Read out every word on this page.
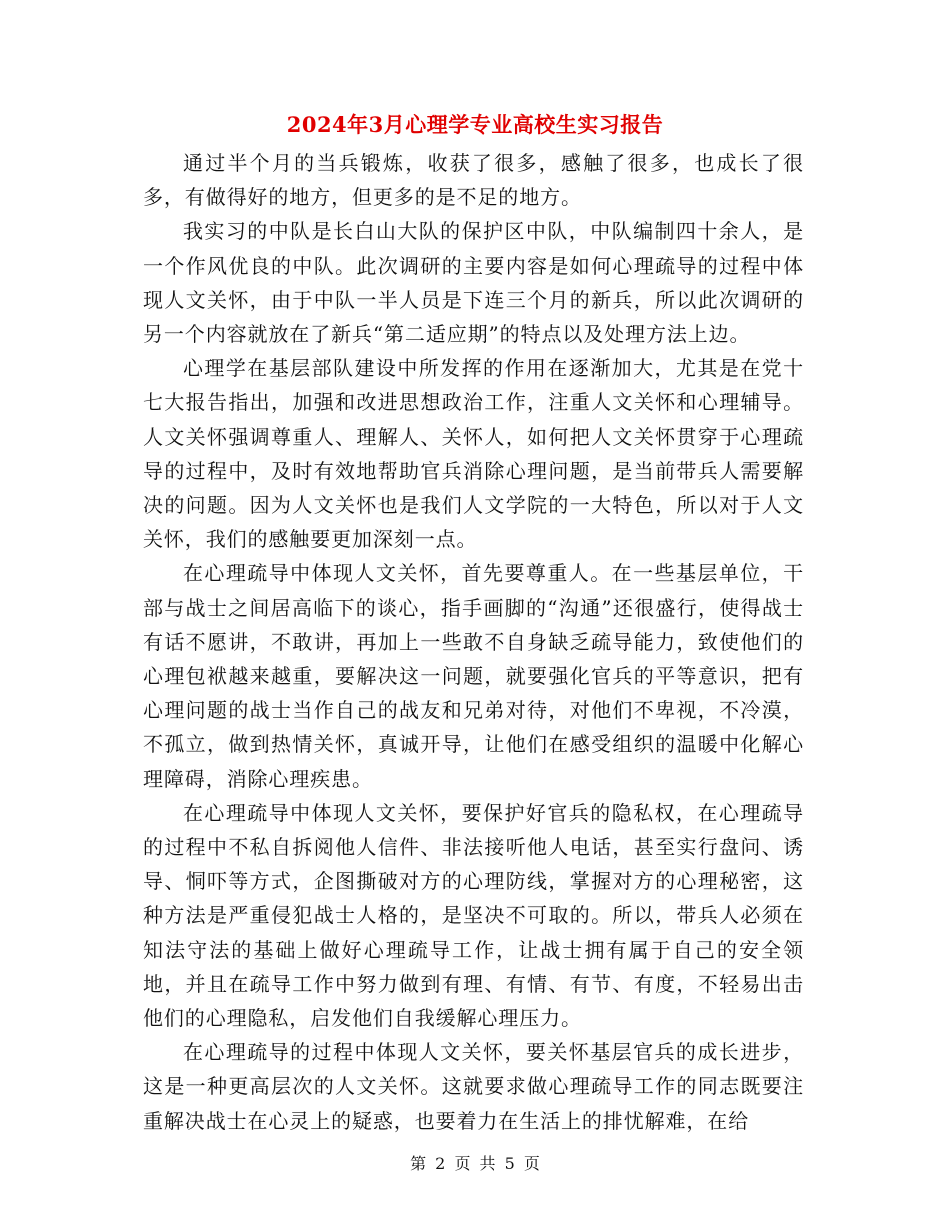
2024年3月心理学专业高校生实习报告

通过半个月的当兵锻炼，收获了很多，感触了很多，也成长了很多，有做得好的地方，但更多的是不足的地方。

我实习的中队是长白山大队的保护区中队，中队编制四十余人，是一个作风优良的中队。此次调研的主要内容是如何心理疏导的过程中体现人文关怀，由于中队一半人员是下连三个月的新兵，所以此次调研的另一个内容就放在了新兵“第二适应期”的特点以及处理方法上边。

心理学在基层部队建设中所发挥的作用在逐渐加大，尤其是在党十七大报告指出，加强和改进思想政治工作，注重人文关怀和心理辅导。人文关怀强调尊重人、理解人、关怀人，如何把人文关怀贯穿于心理疏导的过程中，及时有效地帮助官兵消除心理问题，是当前带兵人需要解决的问题。因为人文关怀也是我们人文学院的一大特色，所以对于人文关怀，我们的感触要更加深刻一点。

在心理疏导中体现人文关怀，首先要尊重人。在一些基层单位，干部与战士之间居高临下的谈心，指手画脚的“沟通”还很盛行，使得战士有话不愿讲，不敢讲，再加上一些敢不自身缺乏疏导能力，致使他们的心理包袱越来越重，要解决这一问题，就要强化官兵的平等意识，把有心理问题的战士当作自己的战友和兄弟对待，对他们不卑视，不冷漠，不孤立，做到热情关怀，真诚开导，让他们在感受组织的温暖中化解心理障碍，消除心理疾患。

在心理疏导中体现人文关怀，要保护好官兵的隐私权，在心理疏导的过程中不私自拆阅他人信件、非法接听他人电话，甚至实行盘问、诱导、恫吓等方式，企图撕破对方的心理防线，掌握对方的心理秘密，这种方法是严重侵犯战士人格的，是坚决不可取的。所以，带兵人必须在知法守法的基础上做好心理疏导工作，让战士拥有属于自己的安全领地，并且在疏导工作中努力做到有理、有情、有节、有度，不轻易出击他们的心理隐私，启发他们自我缓解心理压力。

在心理疏导的过程中体现人文关怀，要关怀基层官兵的成长进步，这是一种更高层次的人文关怀。这就要求做心理疏导工作的同志既要注重解决战士在心灵上的疑惑，也要着力在生活上的排忧解难，在给

第 2 页 共 5 页
